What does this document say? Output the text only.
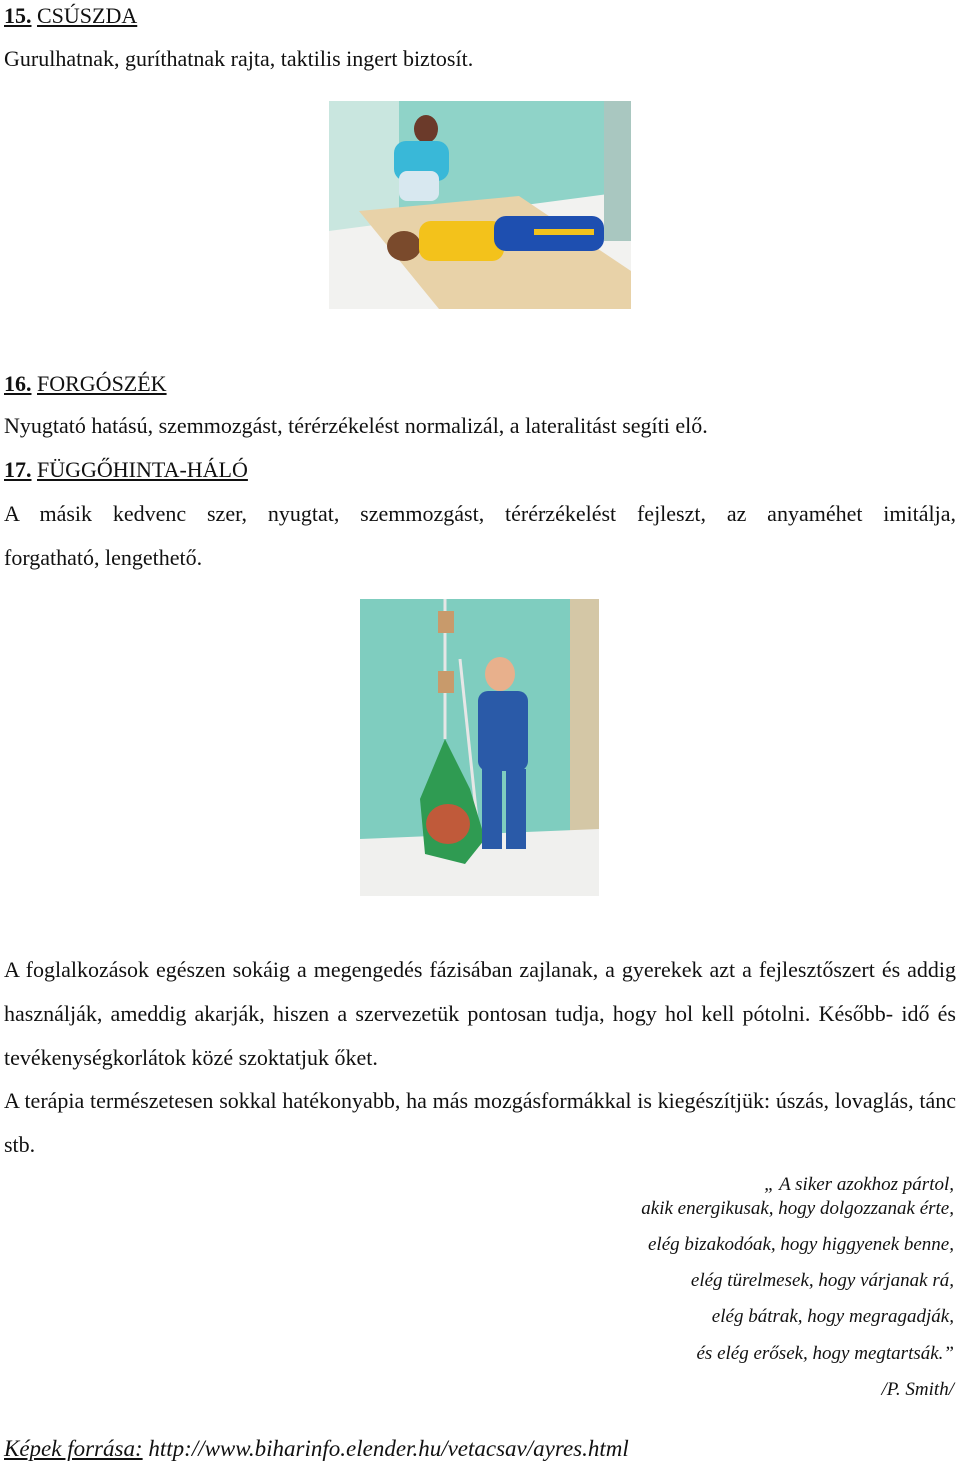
15. CSÚSZDA
Gurulhatnak, guríthatnak rajta, taktilis ingert biztosít.
16. FORGÓSZÉK
Nyugtató hatású, szemmozgást, térérzékelést normalizál, a lateralitást segíti elő.
17. FÜGGŐHINTA-HÁLÓ
A másik kedvenc szer, nyugtat, szemmozgást, térérzékelést fejleszt, az anyaméhet imitálja,
forgatható, lengethető.
A foglalkozások egészen sokáig a megengedés fázisában zajlanak, a gyerekek azt a fejlesztőszert és addig használják, ameddig akarják, hiszen a szervezetük pontosan tudja, hogy hol kell pótolni. Később- idő és tevékenységkorlátok közé szoktatjuk őket.
A terápia természetesen sokkal hatékonyabb, ha más mozgásformákkal is kiegészítjük: úszás, lovaglás, tánc stb.
„ A siker azokhoz pártol,
akik energikusak, hogy dolgozzanak érte,
elég bizakodóak, hogy higgyenek benne,
elég türelmesek, hogy várjanak rá,
elég bátrak, hogy megragadják,
és elég erősek, hogy megtartsák.”
/P. Smith/
Képek forrása: http://www.biharinfo.elender.hu/vetacsav/ayres.html
